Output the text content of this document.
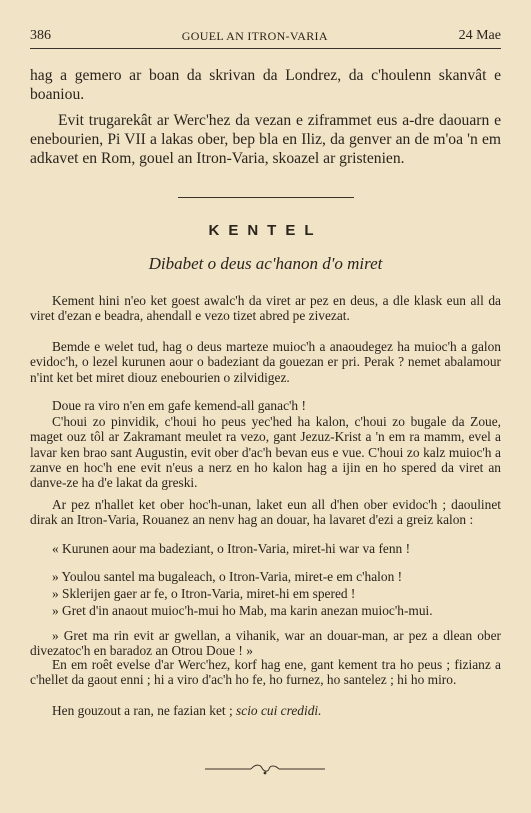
386	GOUEL AN ITRON-VARIA	24 Mae

hag a gemero ar boan da skrivan da Londrez, da c'houlenn skanvât e boaniou.

Evit trugarekât ar Werc'hez da vezan e ziframmet eus a-dre daouarn e enebourien, Pi VII a lakas ober, bep bla en Iliz, da genver an de m'oa 'n em adkavet en Rom, gouel an Itron-Varia, skoazel ar gristenien.

KENTEL
Dibabet o deus ac'hanon d'o miret

Kement hini n'eo ket goest awalc'h da viret ar pez en deus, a dle klask eun all da viret d'ezan e beadra, ahendall e vezo tizet abred pe zivezat.

Bemde e welet tud, hag o deus marteze muioc'h a anaoudegez ha muioc'h a galon evidoc'h, o lezel kurunen aour o badeziant da gouezan er pri. Perak ? nemet abalamour n'int ket bet miret diouz enebourien o zilvidigez.

Doue ra viro n'en em gafe kemend-all ganac'h !

C'houi zo pinvidik, c'houi ho peus yec'hed ha kalon, c'houi zo bugale da Zoue, maget ouz tôl ar Zakramant meulet ra vezo, gant Jezuz-Krist a 'n em ra mamm, evel a lavar ken brao sant Augustin, evit ober d'ac'h bevan eus e vue. C'houi zo kalz muioc'h a zanve en hoc'h ene evit n'eus a nerz en ho kalon hag a ijin en ho spered da viret an danve-ze ha d'e lakat da greski.

Ar pez n'hallet ket ober hoc'h-unan, laket eun all d'hen ober evidoc'h ; daoulinet dirak an Itron-Varia, Rouanez an nenv hag an douar, ha lavaret d'ezi a greiz kalon :

« Kurunen aour ma badeziant, o Itron-Varia, miret-hi war va fenn !

» Youlou santel ma bugaleach, o Itron-Varia, miret-e em c'halon !

» Sklerijen gaer ar fe, o Itron-Varia, miret-hi em spered !

» Gret d'in anaout muioc'h-mui ho Mab, ma karin anezan muioc'h-mui.

» Gret ma rin evit ar gwellan, a vihanik, war an douar-man, ar pez a dlean ober divezatoc'h en baradoz an Otrou Doue ! »

En em roêt evelse d'ar Werc'hez, korf hag ene, gant kement tra ho peus ; fizianz a c'hellet da gaout enni ; hi a viro d'ac'h ho fe, ho furnez, ho santelez ; hi ho miro.

Hen gouzout a ran, ne fazian ket ; scio cui credidi.
